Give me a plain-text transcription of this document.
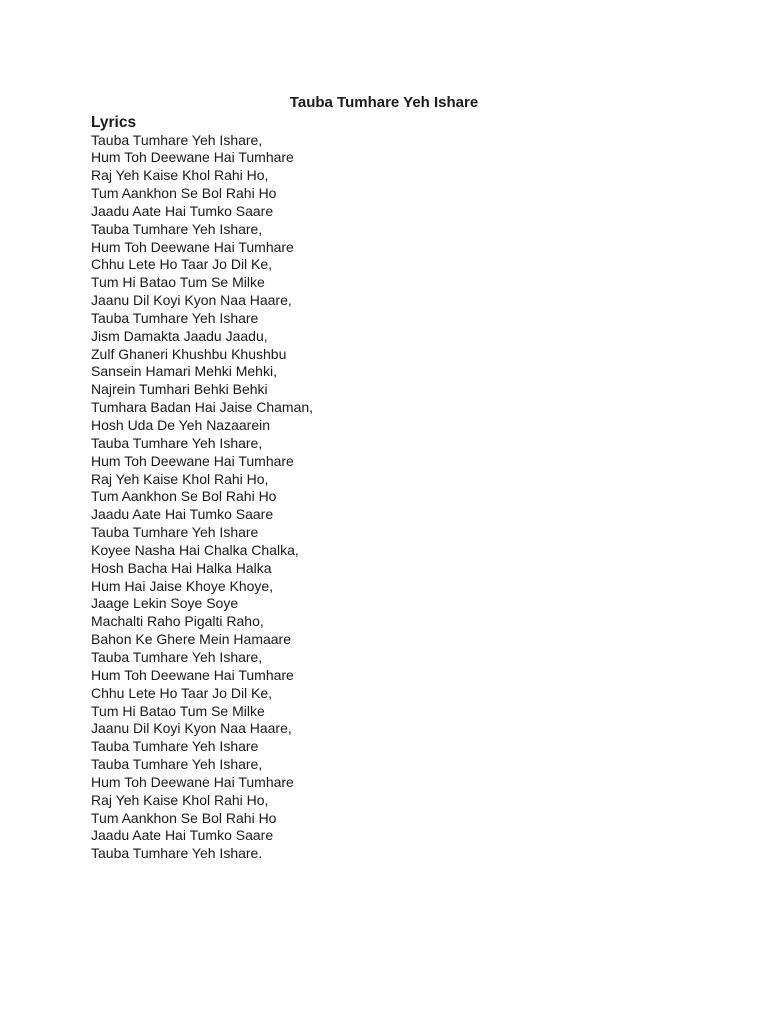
Tauba Tumhare Yeh Ishare
Lyrics
Tauba Tumhare Yeh Ishare,
Hum Toh Deewane Hai Tumhare
Raj Yeh Kaise Khol Rahi Ho,
Tum Aankhon Se Bol Rahi Ho
Jaadu Aate Hai Tumko Saare
Tauba Tumhare Yeh Ishare,
Hum Toh Deewane Hai Tumhare
Chhu Lete Ho Taar Jo Dil Ke,
Tum Hi Batao Tum Se Milke
Jaanu Dil Koyi Kyon Naa Haare,
Tauba Tumhare Yeh Ishare
Jism Damakta Jaadu Jaadu,
Zulf Ghaneri Khushbu Khushbu
Sansein Hamari Mehki Mehki,
Najrein Tumhari Behki Behki
Tumhara Badan Hai Jaise Chaman,
Hosh Uda De Yeh Nazaarein
Tauba Tumhare Yeh Ishare,
Hum Toh Deewane Hai Tumhare
Raj Yeh Kaise Khol Rahi Ho,
Tum Aankhon Se Bol Rahi Ho
Jaadu Aate Hai Tumko Saare
Tauba Tumhare Yeh Ishare
Koyee Nasha Hai Chalka Chalka,
Hosh Bacha Hai Halka Halka
Hum Hai Jaise Khoye Khoye,
Jaage Lekin Soye Soye
Machalti Raho Pigalti Raho,
Bahon Ke Ghere Mein Hamaare
Tauba Tumhare Yeh Ishare,
Hum Toh Deewane Hai Tumhare
Chhu Lete Ho Taar Jo Dil Ke,
Tum Hi Batao Tum Se Milke
Jaanu Dil Koyi Kyon Naa Haare,
Tauba Tumhare Yeh Ishare
Tauba Tumhare Yeh Ishare,
Hum Toh Deewane Hai Tumhare
Raj Yeh Kaise Khol Rahi Ho,
Tum Aankhon Se Bol Rahi Ho
Jaadu Aate Hai Tumko Saare
Tauba Tumhare Yeh Ishare.
